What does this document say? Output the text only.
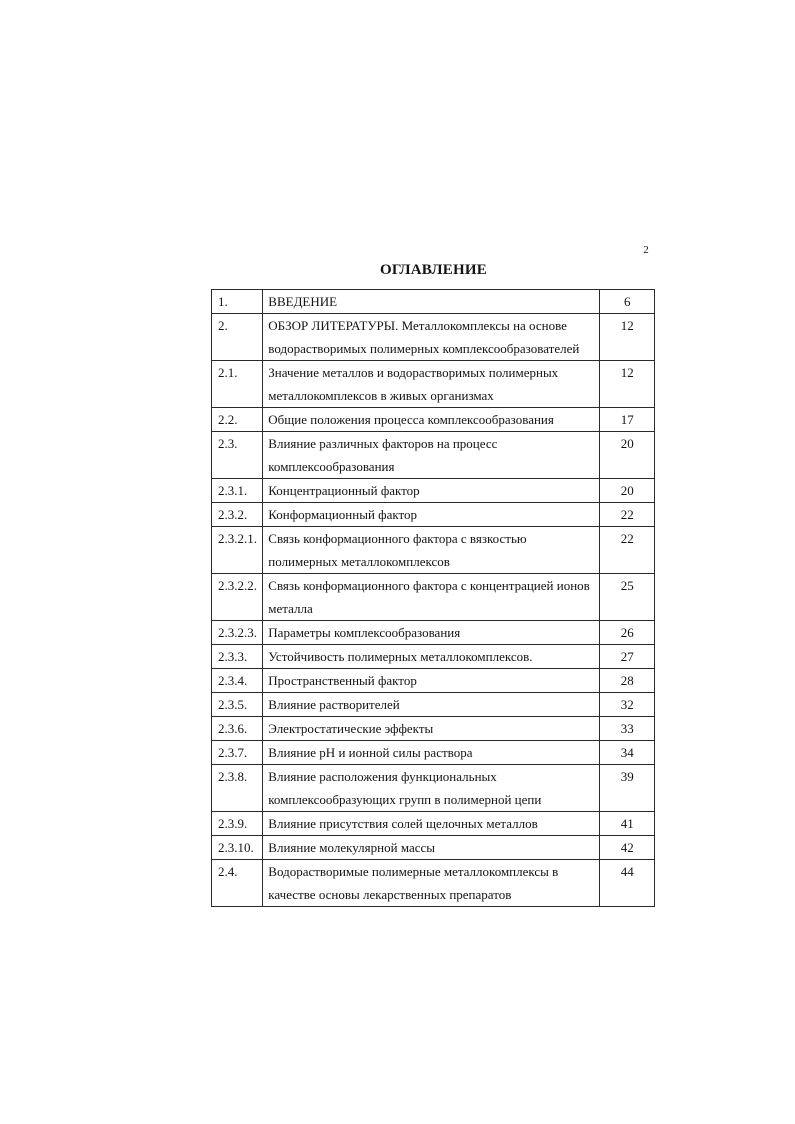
2
ОГЛАВЛЕНИЕ
1.	ВВЕДЕНИЕ	6
2.	ОБЗОР ЛИТЕРАТУРЫ. Металлокомплексы на основе водорастворимых полимерных комплексообразователей	12
2.1.	Значение металлов и водорастворимых полимерных металлокомплексов в живых организмах	12
2.2.	Общие положения процесса комплексообразования	17
2.3.	Влияние различных факторов на процесс комплексообразования	20
2.3.1.	Концентрационный фактор	20
2.3.2.	Конформационный фактор	22
2.3.2.1.	Связь конформационного фактора с вязкостью полимерных металлокомплексов	22
2.3.2.2.	Связь конформационного фактора с концентрацией ионов металла	25
2.3.2.3.	Параметры комплексообразования	26
2.3.3.	Устойчивость полимерных металлокомплексов.	27
2.3.4.	Пространственный фактор	28
2.3.5.	Влияние растворителей	32
2.3.6.	Электростатические эффекты	33
2.3.7.	Влияние рН и ионной силы раствора	34
2.3.8.	Влияние расположения функциональных комплексообразующих групп в полимерной цепи	39
2.3.9.	Влияние присутствия солей щелочных металлов	41
2.3.10.	Влияние молекулярной массы	42
2.4.	Водорастворимые полимерные металлокомплексы в качестве основы лекарственных препаратов	44
